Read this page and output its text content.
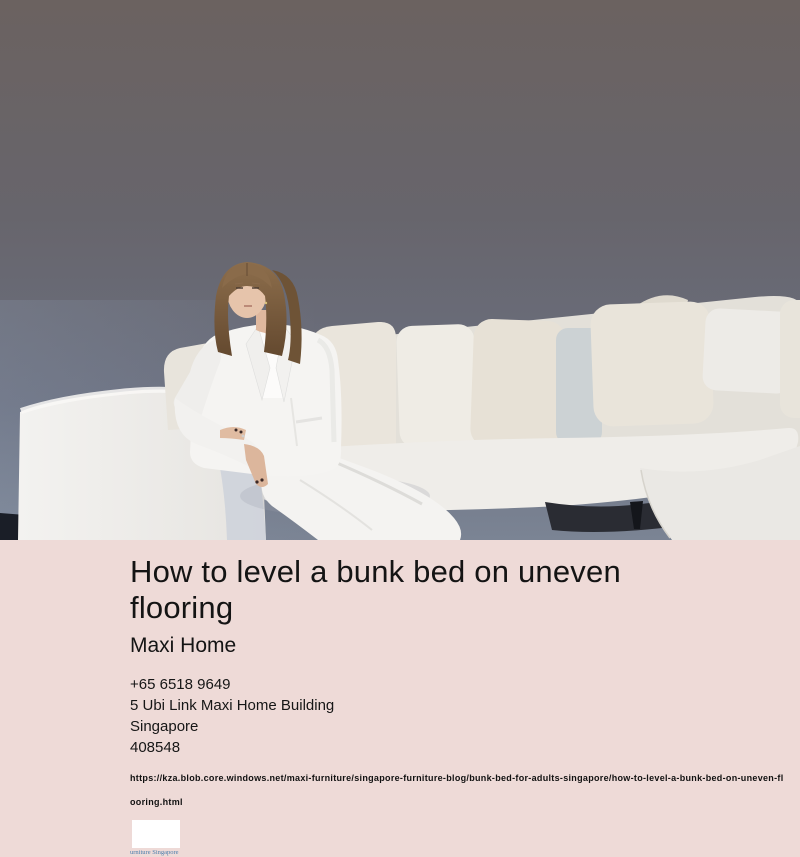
How to level a bunk bed on uneven flooring
Maxi Home

+65 6518 9649

5 Ubi Link Maxi Home Building

Singapore

408548

https://kza.blob.core.windows.net/maxi-furniture/singapore-furniture-blog/bunk-bed-for-adults-singapore/how-to-level-a-bunk-bed-on-uneven-flooring.html
urniture Singapore
